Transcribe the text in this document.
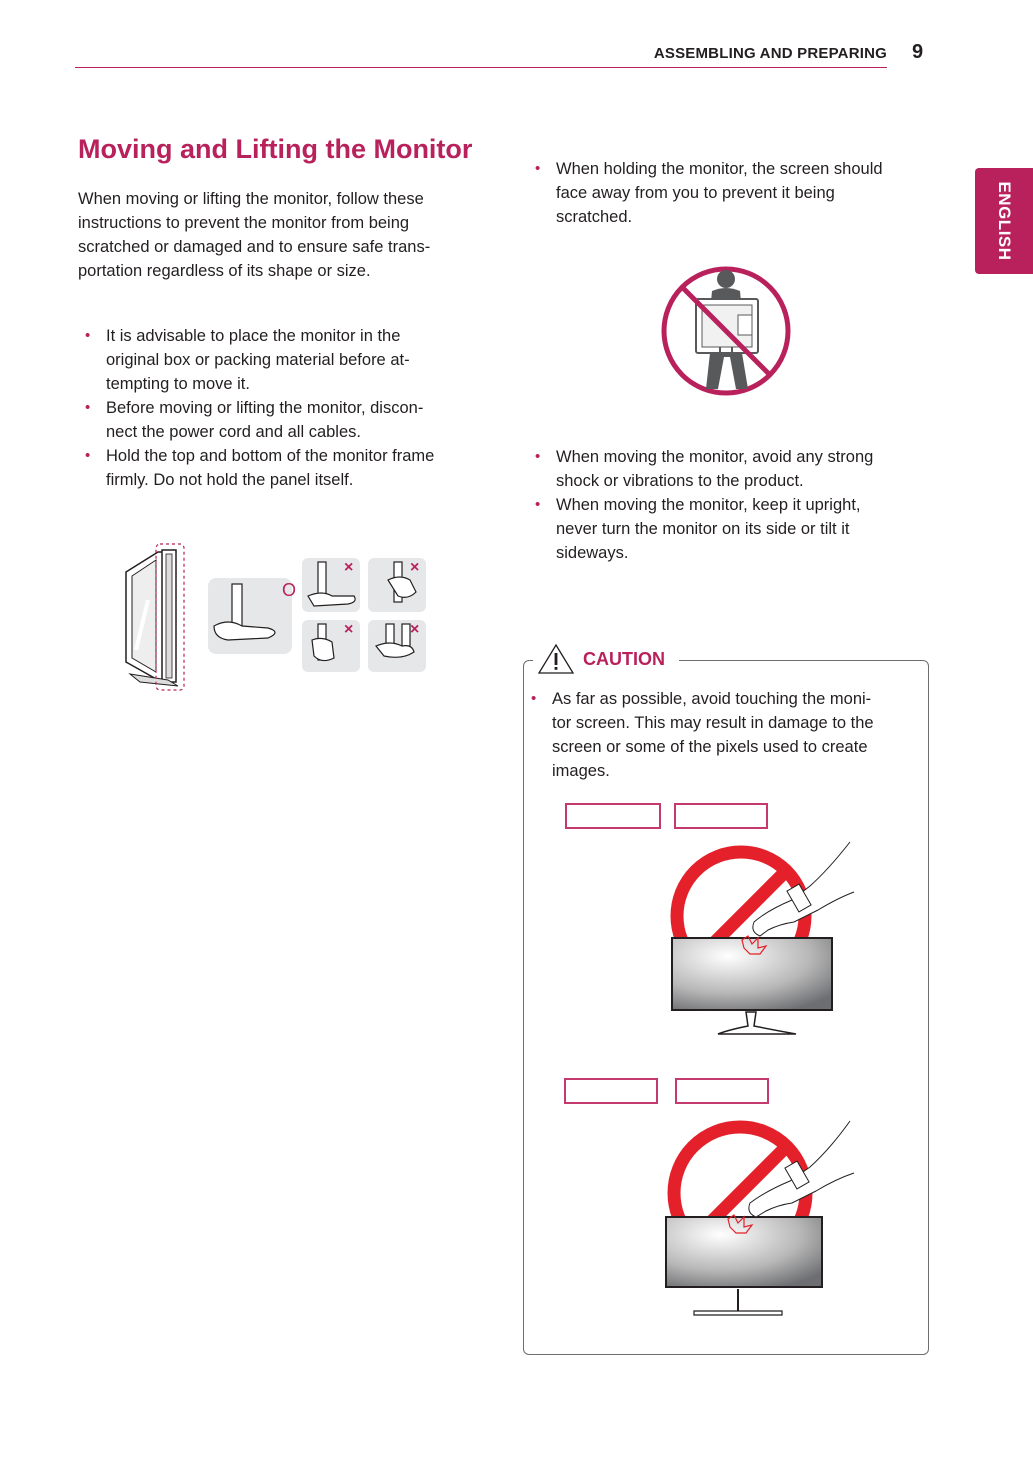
ASSEMBLING AND PREPARING 9
ENGLISH
Moving and Lifting the Monitor

When moving or lifting the monitor, follow these

instructions to prevent the monitor from being

scratched or damaged and to ensure safe trans-

portation regardless of its shape or size.

• It is advisable to place the monitor in the
original box or packing material before at-
tempting to move it.
• Before moving or lifting the monitor, discon-
nect the power cord and all cables.
• Hold the top and bottom of the monitor frame
firmly. Do not hold the panel itself.
O
×	×
×	×
• When holding the monitor, the screen should
face away from you to prevent it being
scratched.
• When moving the monitor, avoid any strong
shock or vibrations to the product.
• When moving the monitor, keep it upright,
never turn the monitor on its side or tilt it
sideways.
CAUTION
• As far as possible, avoid touching the moni-
tor screen. This may result in damage to the
screen or some of the pixels used to create
images.
